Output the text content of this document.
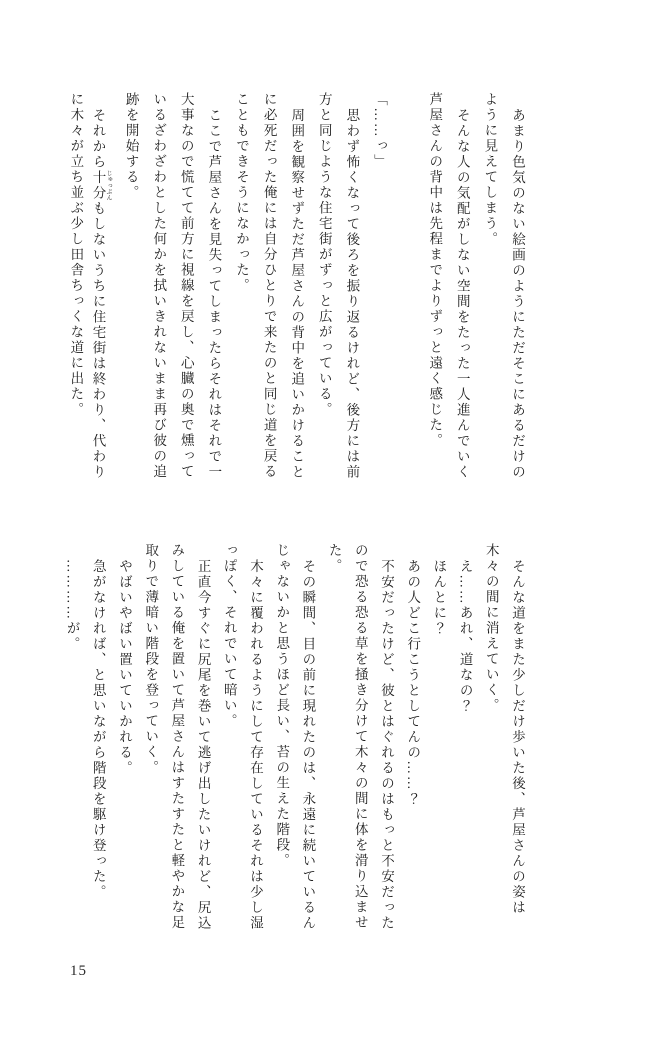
あまり色気のない絵画のようにただそこにあるだけの
ように見えてしまう。
そんな人の気配がしない空間をたった一人進んでいく
芦屋さんの背中は先程までよりずっと遠く感じた。
「……っ」
思わず怖くなって後ろを振り返るけれど、後方には前
方と同じような住宅街がずっと広がっている。
周囲を観察せずただ芦屋さんの背中を追いかけること
に必死だった俺には自分ひとりで来たのと同じ道を戻る
こともできそうになかった。
ここで芦屋さんを見失ってしまったらそれはそれで一
大事なので慌てて前方に視線を戻し、心臓の奥で燻って
いるざわざわとした何かを拭いきれないまま再び彼の追
跡を開始する。
それから十分 じゅっぷんもしないうちに住宅街は終わり、代わり
に木々が立ち並ぶ少し田舎ちっくな道に出た。
そんな道をまた少しだけ歩いた後、芦屋さんの姿は
木々の間に消えていく。
え……あれ、道なの？
ほんとに？
あの人どこ行こうとしてんの……？
不安だったけど、彼とはぐれるのはもっと不安だった
ので恐る恐る草を掻き分けて木々の間に体を滑り込ませ
た。
その瞬間、目の前に現れたのは、永遠に続いているん
じゃないかと思うほど長い、苔の生えた階段。
木々に覆われるようにして存在しているそれは少し湿
っぽく、それでいて暗い。
正直今すぐに尻尾を巻いて逃げ出したいけれど、尻込
みしている俺を置いて芦屋さんはすたすたと軽やかな足
取りで薄暗い階段を登っていく。
やばいやばい置いていかれる。
急がなければ、と思いながら階段を駆け登った。
…………が。
15
